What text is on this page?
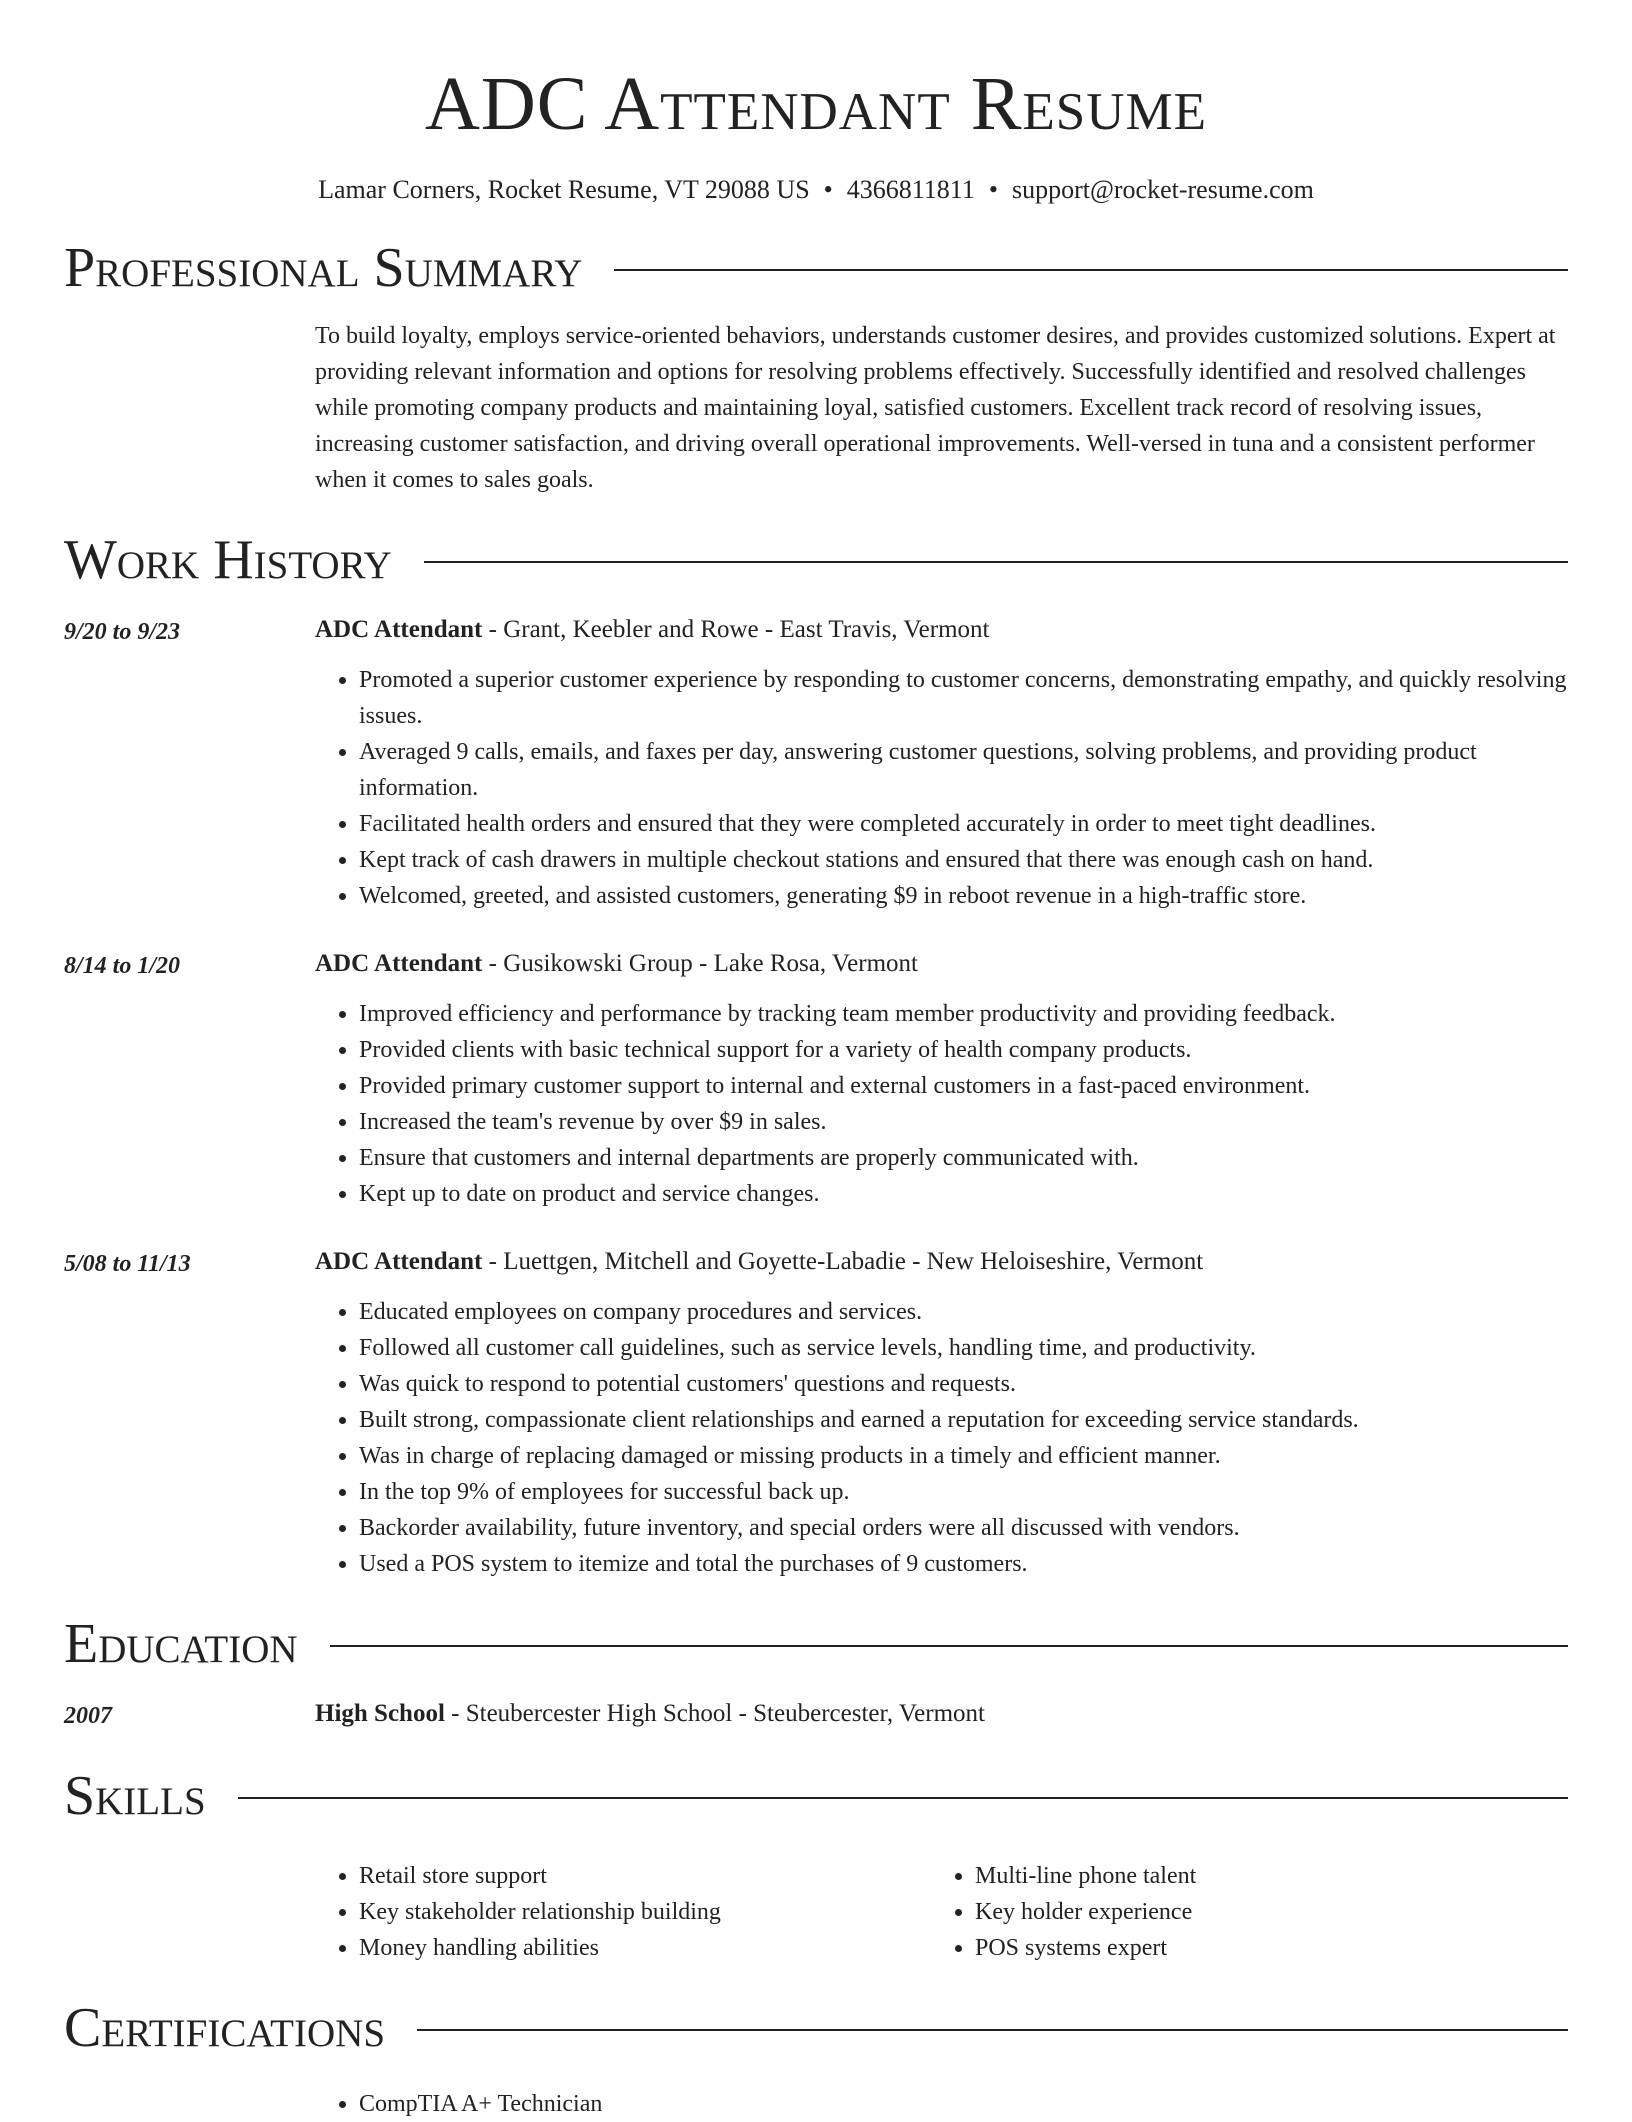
ADC Attendant Resume
Lamar Corners, Rocket Resume, VT 29088 US • 4366811811 • support@rocket-resume.com
Professional Summary
To build loyalty, employs service-oriented behaviors, understands customer desires, and provides customized solutions. Expert at providing relevant information and options for resolving problems effectively. Successfully identified and resolved challenges while promoting company products and maintaining loyal, satisfied customers. Excellent track record of resolving issues, increasing customer satisfaction, and driving overall operational improvements. Well-versed in tuna and a consistent performer when it comes to sales goals.
Work History
9/20 to 9/23	ADC Attendant - Grant, Keebler and Rowe - East Travis, Vermont
• Promoted a superior customer experience by responding to customer concerns, demonstrating empathy, and quickly resolving issues.
• Averaged 9 calls, emails, and faxes per day, answering customer questions, solving problems, and providing product information.
• Facilitated health orders and ensured that they were completed accurately in order to meet tight deadlines.
• Kept track of cash drawers in multiple checkout stations and ensured that there was enough cash on hand.
• Welcomed, greeted, and assisted customers, generating $9 in reboot revenue in a high-traffic store.
8/14 to 1/20	ADC Attendant - Gusikowski Group - Lake Rosa, Vermont
• Improved efficiency and performance by tracking team member productivity and providing feedback.
• Provided clients with basic technical support for a variety of health company products.
• Provided primary customer support to internal and external customers in a fast-paced environment.
• Increased the team's revenue by over $9 in sales.
• Ensure that customers and internal departments are properly communicated with.
• Kept up to date on product and service changes.
5/08 to 11/13	ADC Attendant - Luettgen, Mitchell and Goyette-Labadie - New Heloiseshire, Vermont
• Educated employees on company procedures and services.
• Followed all customer call guidelines, such as service levels, handling time, and productivity.
• Was quick to respond to potential customers' questions and requests.
• Built strong, compassionate client relationships and earned a reputation for exceeding service standards.
• Was in charge of replacing damaged or missing products in a timely and efficient manner.
• In the top 9% of employees for successful back up.
• Backorder availability, future inventory, and special orders were all discussed with vendors.
• Used a POS system to itemize and total the purchases of 9 customers.
Education
2007	High School - Steubercester High School - Steubercester, Vermont
Skills
• Retail store support
• Key stakeholder relationship building
• Money handling abilities
• Multi-line phone talent
• Key holder experience
• POS systems expert
Certifications
• CompTIA A+ Technician
